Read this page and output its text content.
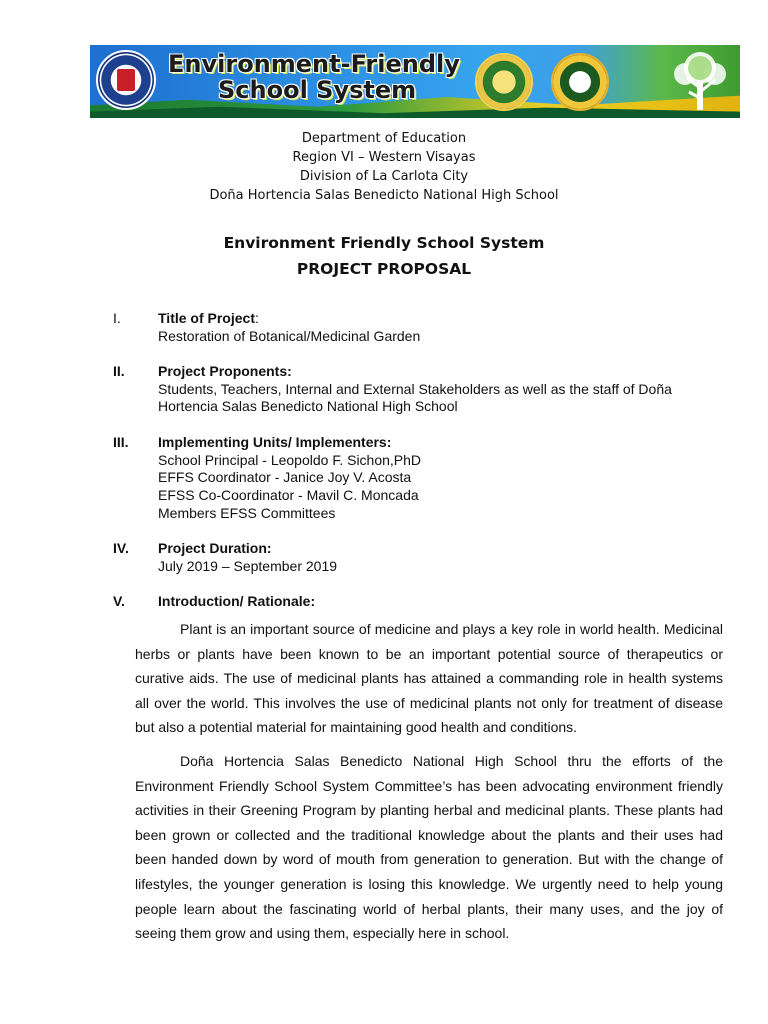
Environment-Friendly
School System
Department of Education
Region VI – Western Visayas
Division of La Carlota City
Doña Hortencia Salas Benedicto National High School
Environment Friendly School System
PROJECT PROPOSAL
I.	Title of Project:
Restoration of Botanical/Medicinal Garden
II.	Project Proponents:
Students, Teachers, Internal and External Stakeholders as well as the staff of Doña
Hortencia Salas Benedicto National High School
III.	Implementing Units/ Implementers:
School Principal - Leopoldo F. Sichon,PhD
EFFS Coordinator - Janice Joy V. Acosta
EFSS Co-Coordinator - Mavil C. Moncada
Members EFSS Committees
IV.	Project Duration:
July 2019 – September 2019
V.	Introduction/ Rationale:
Plant is an important source of medicine and plays a key role in world health. Medicinal herbs or plants have been known to be an important potential source of therapeutics or curative aids. The use of medicinal plants has attained a commanding role in health systems all over the world. This involves the use of medicinal plants not only for treatment of disease but also a potential material for maintaining good health and conditions.
Doña Hortencia Salas Benedicto National High School thru the efforts of the Environment Friendly School System Committee’s has been advocating environment friendly activities in their Greening Program by planting herbal and medicinal plants. These plants had been grown or collected and the traditional knowledge about the plants and their uses had been handed down by word of mouth from generation to generation. But with the change of lifestyles, the younger generation is losing this knowledge. We urgently need to help young people learn about the fascinating world of herbal plants, their many uses, and the joy of seeing them grow and using them, especially here in school.
